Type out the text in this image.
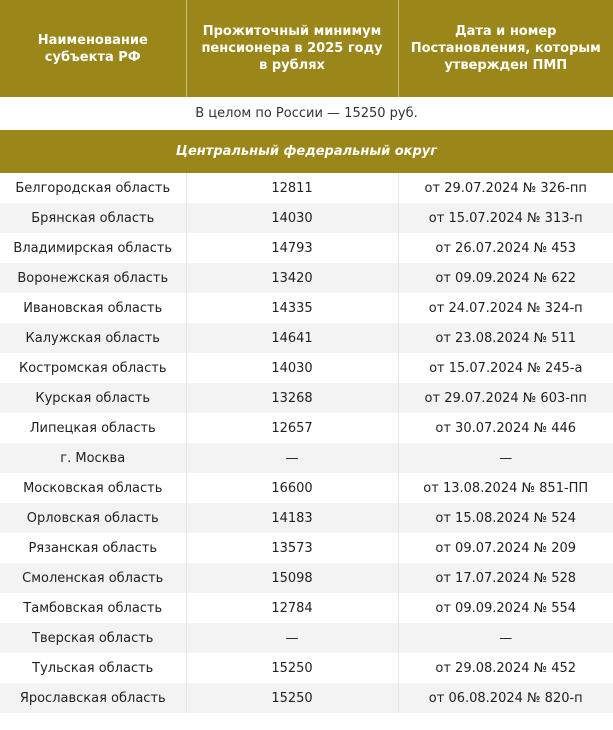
Наименование субъекта РФ	Прожиточный минимум пенсионера в 2025 году в рублях	Дата и номер Постановления, которым утвержден ПМП
В целом по России — 15250 руб.		
Центральный федеральный округ		
Белгородская область	12811	от 29.07.2024 № 326-пп
Брянская область	14030	от 15.07.2024 № 313-п
Владимирская область	14793	от 26.07.2024 № 453
Воронежская область	13420	от 09.09.2024 № 622
Ивановская область	14335	от 24.07.2024 № 324-п
Калужская область	14641	от 23.08.2024 № 511
Костромская область	14030	от 15.07.2024 № 245-а
Курская область	13268	от 29.07.2024 № 603-пп
Липецкая область	12657	от 30.07.2024 № 446
г. Москва	—	—
Московская область	16600	от 13.08.2024 № 851-ПП
Орловская область	14183	от 15.08.2024 № 524
Рязанская область	13573	от 09.07.2024 № 209
Смоленская область	15098	от 17.07.2024 № 528
Тамбовская область	12784	от 09.09.2024 № 554
Тверская область	—	—
Тульская область	15250	от 29.08.2024 № 452
Ярославская область	15250	от 06.08.2024 № 820-п
